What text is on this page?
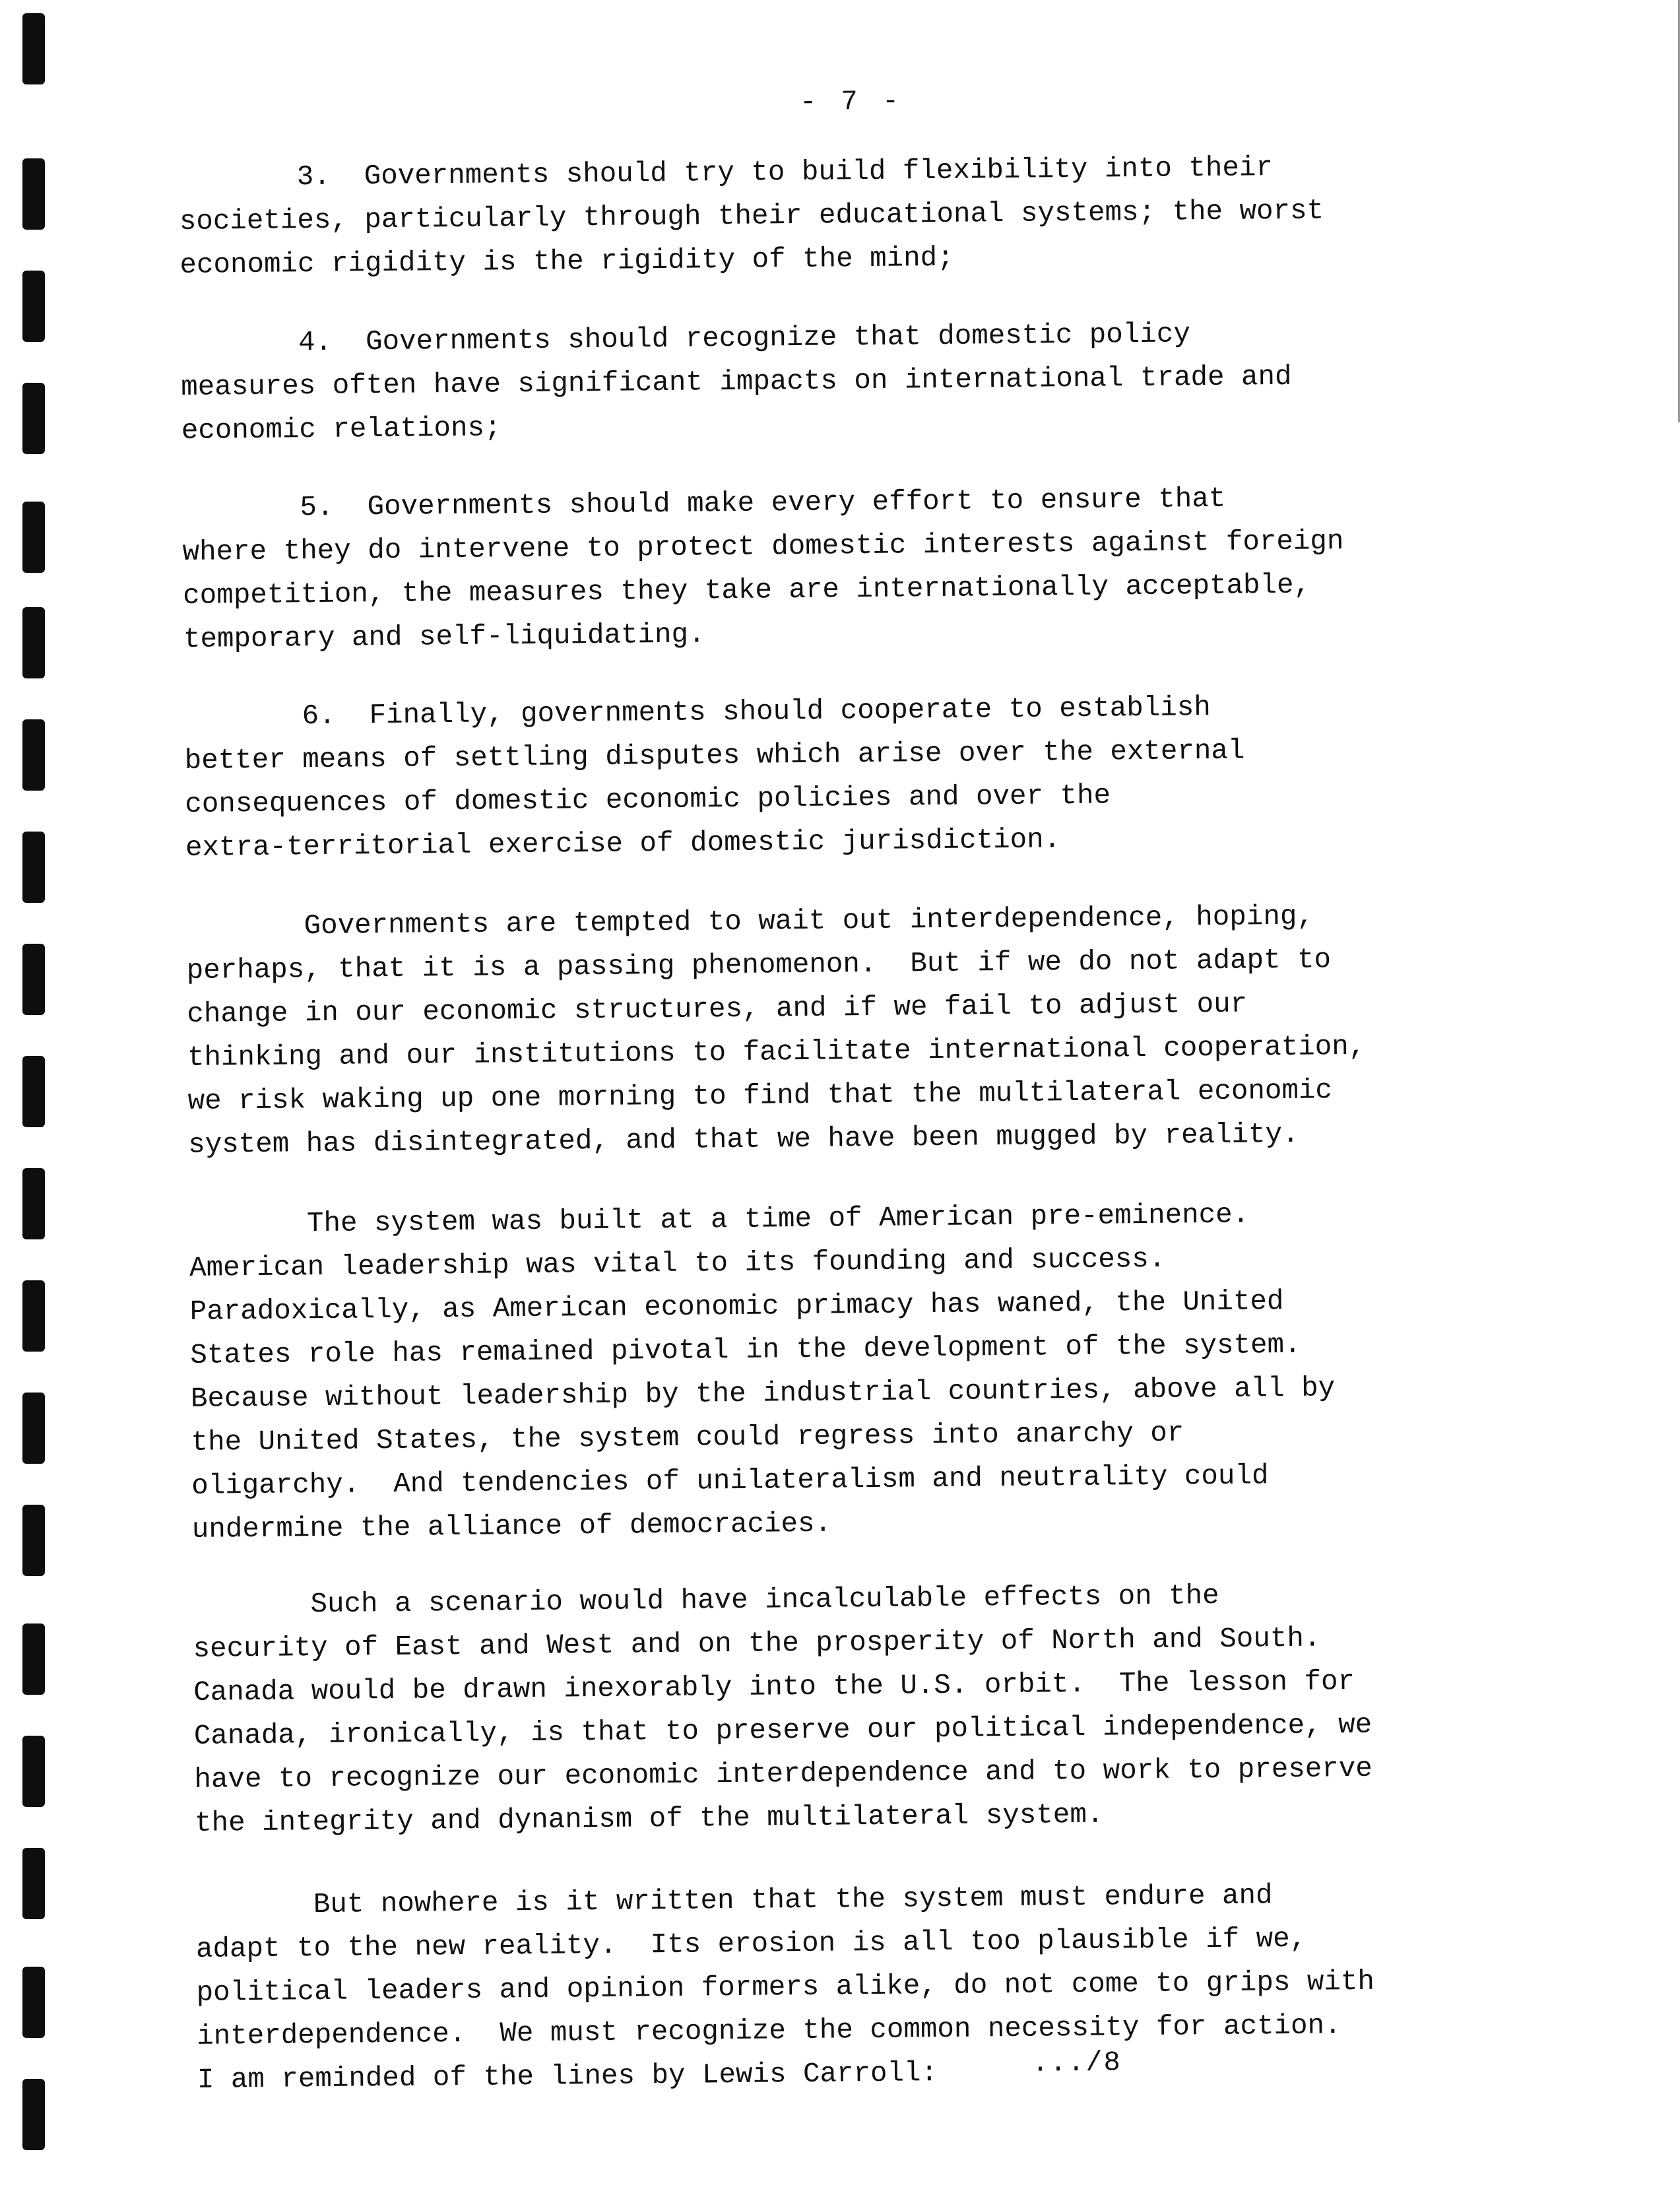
- 7 -

3.  Governments should try to build flexibility into their
societies, particularly through their educational systems; the worst
economic rigidity is the rigidity of the mind;

4.  Governments should recognize that domestic policy
measures often have significant impacts on international trade and
economic relations;

5.  Governments should make every effort to ensure that
where they do intervene to protect domestic interests against foreign
competition, the measures they take are internationally acceptable,
temporary and self-liquidating.

6.  Finally, governments should cooperate to establish
better means of settling disputes which arise over the external
consequences of domestic economic policies and over the
extra-territorial exercise of domestic jurisdiction.

Governments are tempted to wait out interdependence, hoping,
perhaps, that it is a passing phenomenon.  But if we do not adapt to
change in our economic structures, and if we fail to adjust our
thinking and our institutions to facilitate international cooperation,
we risk waking up one morning to find that the multilateral economic
system has disintegrated, and that we have been mugged by reality.

The system was built at a time of American pre-eminence.
American leadership was vital to its founding and success.
Paradoxically, as American economic primacy has waned, the United
States role has remained pivotal in the development of the system.
Because without leadership by the industrial countries, above all by
the United States, the system could regress into anarchy or
oligarchy.  And tendencies of unilateralism and neutrality could
undermine the alliance of democracies.

Such a scenario would have incalculable effects on the
security of East and West and on the prosperity of North and South.
Canada would be drawn inexorably into the U.S. orbit.  The lesson for
Canada, ironically, is that to preserve our political independence, we
have to recognize our economic interdependence and to work to preserve
the integrity and dynanism of the multilateral system.

But nowhere is it written that the system must endure and
adapt to the new reality.  Its erosion is all too plausible if we,
political leaders and opinion formers alike, do not come to grips with
interdependence.  We must recognize the common necessity for action.
I am reminded of the lines by Lewis Carroll:	.../8
